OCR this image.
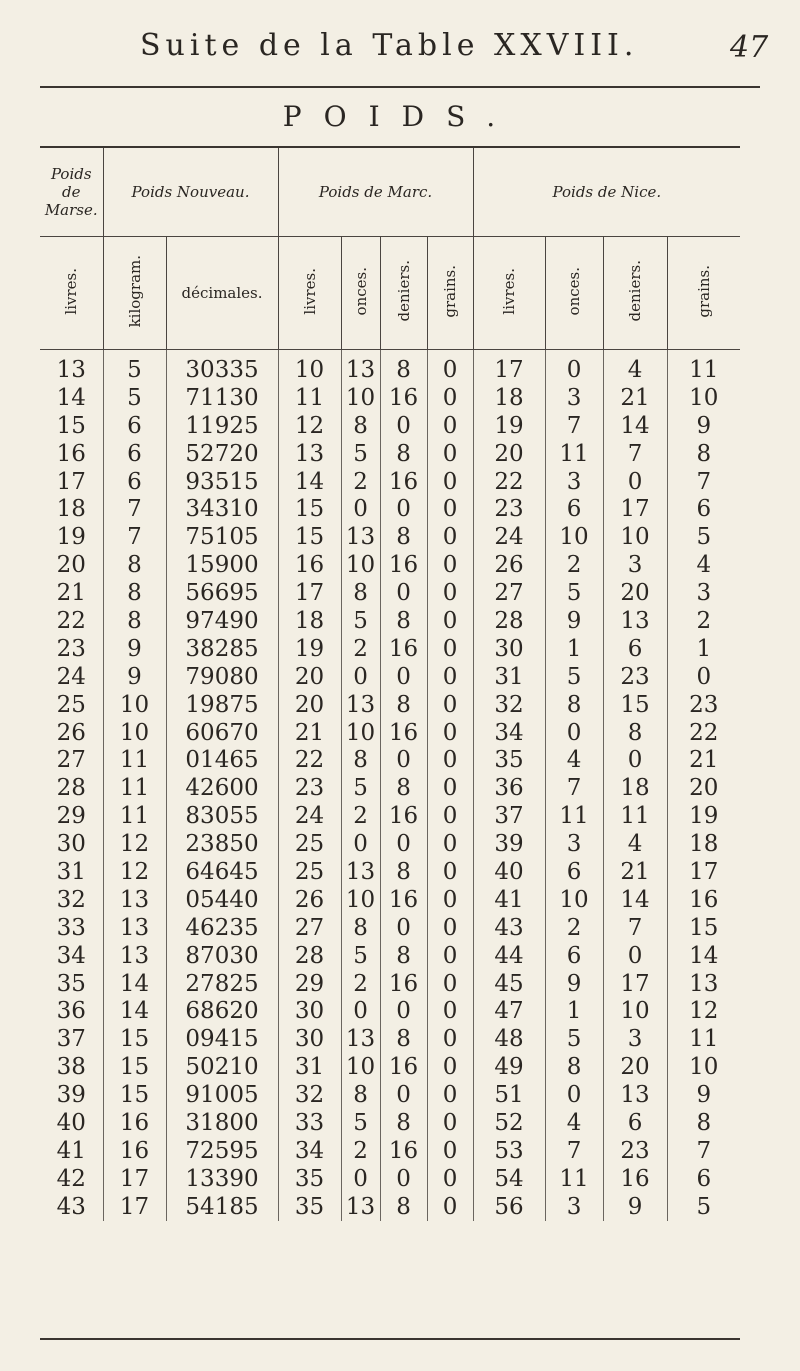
Suite de la Table XXVIII.	47
POIDS.
Poids de Marse.	Poids Nouveau.		Poids de Marc.				Poids de Nice.			
livres.	kilogram.	décimales.	livres.	onces.	deniers.	grains.	livres.	onces.	deniers.	grains.
13	5	30335	10	13	8	0	17	0	4	11
14	5	71130	11	10	16	0	18	3	21	10
15	6	11925	12	8	0	0	19	7	14	9
16	6	52720	13	5	8	0	20	11	7	8
17	6	93515	14	2	16	0	22	3	0	7
18	7	34310	15	0	0	0	23	6	17	6
19	7	75105	15	13	8	0	24	10	10	5
20	8	15900	16	10	16	0	26	2	3	4
21	8	56695	17	8	0	0	27	5	20	3
22	8	97490	18	5	8	0	28	9	13	2
23	9	38285	19	2	16	0	30	1	6	1
24	9	79080	20	0	0	0	31	5	23	0
25	10	19875	20	13	8	0	32	8	15	23
26	10	60670	21	10	16	0	34	0	8	22
27	11	01465	22	8	0	0	35	4	0	21
28	11	42600	23	5	8	0	36	7	18	20
29	11	83055	24	2	16	0	37	11	11	19
30	12	23850	25	0	0	0	39	3	4	18
31	12	64645	25	13	8	0	40	6	21	17
32	13	05440	26	10	16	0	41	10	14	16
33	13	46235	27	8	0	0	43	2	7	15
34	13	87030	28	5	8	0	44	6	0	14
35	14	27825	29	2	16	0	45	9	17	13
36	14	68620	30	0	0	0	47	1	10	12
37	15	09415	30	13	8	0	48	5	3	11
38	15	50210	31	10	16	0	49	8	20	10
39	15	91005	32	8	0	0	51	0	13	9
40	16	31800	33	5	8	0	52	4	6	8
41	16	72595	34	2	16	0	53	7	23	7
42	17	13390	35	0	0	0	54	11	16	6
43	17	54185	35	13	8	0	56	3	9	5
